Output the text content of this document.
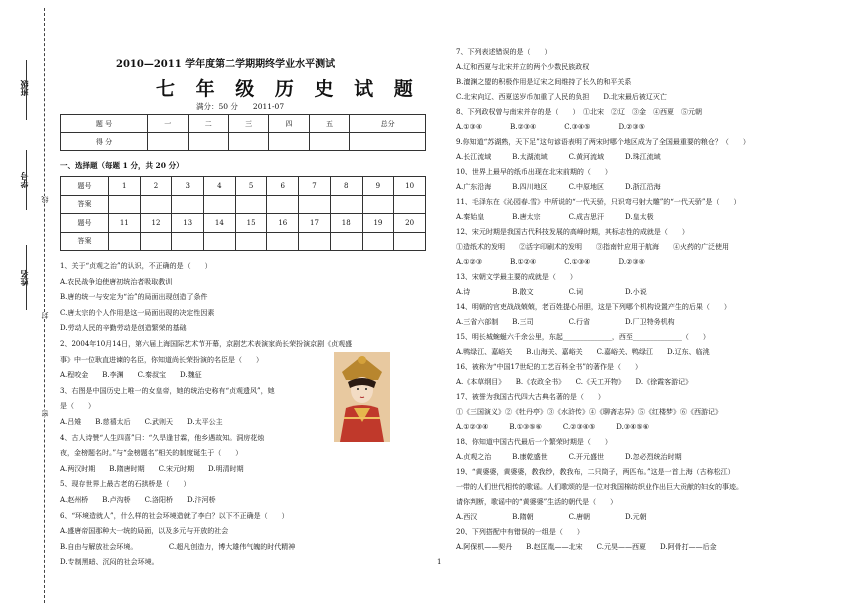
班级
学号
姓名
线
封
密
2010—2011 学年度第二学期期终学业水平测试
七 年 级 历 史 试 题
满分：50 分　　2011-07
题 号	一	二	三	四	五	总分
得 分						
一、选择题（每题 1 分，共 20 分）
题号	1	2	3	4	5	6	7	8	9	10
答案										
题号	11	12	13	14	15	16	17	18	19	20
答案										
1、关于“贞观之治”的认识，不正确的是（　　）
A.农民战争迫使唐初统治者吸取教训
B.唐的统一与安定为“治”的局面出现创造了条件
C.唐太宗的个人作用是这一局面出现的决定性因素
D.劳动人民的辛勤劳动是创造繁荣的基础
2、2004年10月14日，第六届上海国际艺术节开幕，京剧艺术表演家尚长荣扮演京剧《贞观盛
事》中一位耿直进谏的名臣，你知道尚长荣扮演的名臣是（　　）
A.程咬金　　B.李渊　　C.秦叔宝　　D.魏征
3、右图是中国历史上唯一的女皇帝，她的统治史称有“贞观遗风”，她
是（　　）
A.吕雉　　B.慈禧太后　　C.武则天　　D.太平公主
4、古人诗赞“人生四喜”曰：“久旱逢甘霖，他乡遇故知。洞房花烛
夜，金榜题名时。”与“金榜题名”相关的制度诞生于（　　）
A.两汉时期　　B.隋唐时期　　C.宋元时期　　D.明清时期
5、现存世界上最古老的石拱桥是（　　）
A.赵州桥　　B.卢沟桥　　C.洛阳桥　　D.汴河桥
6、“环境造就人”，什么样的社会环境造就了李白？以下不正确是（　　）
A.盛唐帝国那种大一统的局面，以及多元与开放的社会
B.自由与解放社会环境。　　　　　C.超凡创造力，博大雄伟气魄的时代精神
D.专制黑暗、沉闷的社会环境。
7、下列表述错误的是（　　）
A.辽和西夏与北宋并立的两个少数民族政权
B.澶渊之盟的积极作用是辽宋之间维持了长久的和平关系
C.北宋向辽、西夏送岁币加重了人民的负担　　D.北宋最后被辽灭亡
8、下列政权曾与南宋并存的是（　　）　①北宋　②辽　③金　④西夏　⑤元朝
A.①③④　　　　B.②③④　　　　C.③④⑤　　　　D.②③⑤
9.你知道“苏湖熟，天下足”这句谚语表明了两宋时哪个地区成为了全国最重要的粮仓？（　　）
A.长江流域　　　B.太湖流域　　　C.黄河流域　　　D.珠江流域
10、世界上最早的纸币出现在北宋前期的（　　）
A.广东沿海　　　B.四川地区　　　C.中原地区　　　D.浙江沿海
11、毛泽东在《沁园春.雪》中所说的“一代天骄，只识弯弓射大雕”的“一代天骄”是（　　）
A.秦始皇　　　　B.唐太宗　　　　C.成吉思汗　　　D.皇太极
12、宋元时期是我国古代科技发展的高峰时期，其标志性的成就是（　　）
①造纸术的发明　　②活字印刷术的发明　　③指南针应用于航海　　④火药的广泛使用
A.①②③　　　　B.①②④　　　　C.①③④　　　　D.②③④
13、宋朝文学最主要的成就是（　　）
A.诗　　　　　　B.散文　　　　　C.词　　　　　　D.小说
14、明朝的官吏战战兢兢，老百姓提心吊胆，这是下列哪个机构设置产生的后果（　　）
A.三省六部制　　B.三司　　　　　C.行省　　　　　D.厂卫特务机构
15、明长城蜿蜒六千余公里，东起______________，西至______________（　　）
A.鸭绿江、嘉峪关　　B.山海关、嘉峪关　　C.嘉峪关、鸭绿江　　D.辽东、临洮
16、被称为“中国17世纪的工艺百科全书”的著作是（　　）
A.《本草纲目》　　B.《农政全书》　　C.《天工开物》　　D.《徐霞客游记》
17、被誉为我国古代四大古典名著的是（　　）
①《三国演义》②《牡丹亭》③《水浒传》④《聊斋志异》⑤《红楼梦》⑥《西游记》
A.①②③④　　　B.①③⑤⑥　　　C.②③④⑤　　　D.③④⑤⑥
18、你知道中国古代最后一个繁荣时期是（　　）
A.贞观之治　　　B.康乾盛世　　　C.开元盛世　　　D.忽必烈统治时期
19、“黄婆婆，黄婆婆，教我纱，教我布，二只筒子，两匹布。”这是一首上海（古称松江）
一带的人们世代相传的歌谣。人们歌颂的是一位对我国棉纺织业作出巨大贡献的妇女的事迹。
请你判断，歌谣中的“黄婆婆”生活的朝代是（　　）
A.西汉　　　　　B.隋朝　　　　　C.唐朝　　　　　D.元朝
20、下列搭配中有错误的一组是（　　）
A.阿保机——契丹　　B.赵匡胤——北宋　　C.元昊——西夏　　D.阿骨打——后金
1
